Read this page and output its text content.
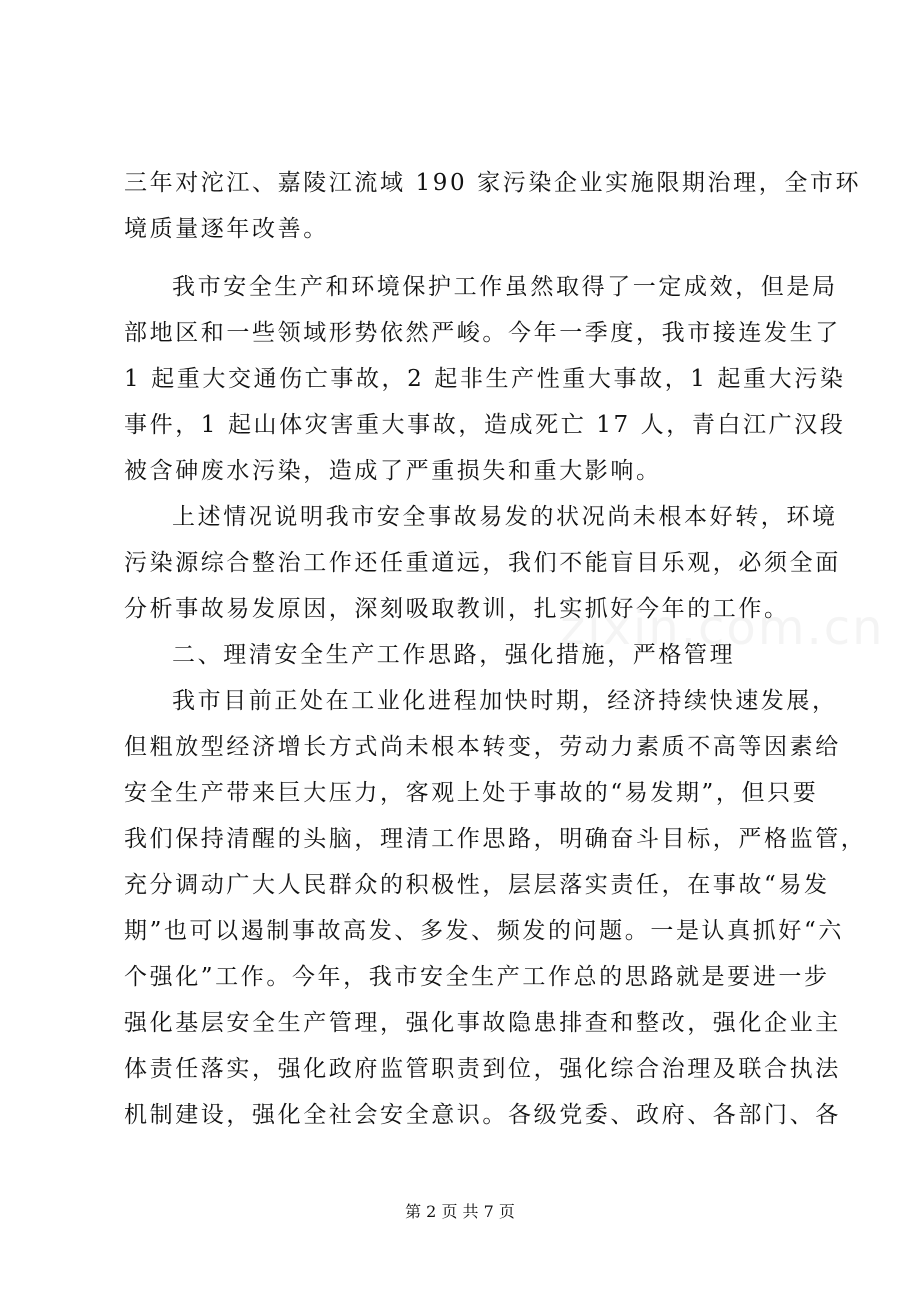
三年对沱江、嘉陵江流域 190 家污染企业实施限期治理，全市环
境质量逐年改善。
我市安全生产和环境保护工作虽然取得了一定成效，但是局
部地区和一些领域形势依然严峻。今年一季度，我市接连发生了
1 起重大交通伤亡事故，2 起非生产性重大事故，1 起重大污染
事件，1 起山体灾害重大事故，造成死亡 17 人，青白江广汉段
被含砷废水污染，造成了严重损失和重大影响。
上述情况说明我市安全事故易发的状况尚未根本好转，环境
污染源综合整治工作还任重道远，我们不能盲目乐观，必须全面
分析事故易发原因，深刻吸取教训，扎实抓好今年的工作。
二、理清安全生产工作思路，强化措施，严格管理
我市目前正处在工业化进程加快时期，经济持续快速发展，
但粗放型经济增长方式尚未根本转变，劳动力素质不高等因素给
安全生产带来巨大压力，客观上处于事故的“易发期”，但只要
我们保持清醒的头脑，理清工作思路，明确奋斗目标，严格监管，
充分调动广大人民群众的积极性，层层落实责任，在事故“易发
期”也可以遏制事故高发、多发、频发的问题。一是认真抓好“六
个强化”工作。今年，我市安全生产工作总的思路就是要进一步
强化基层安全生产管理，强化事故隐患排查和整改，强化企业主
体责任落实，强化政府监管职责到位，强化综合治理及联合执法
机制建设，强化全社会安全意识。各级党委、政府、各部门、各
zixin.com.cn
第 2 页 共 7 页
